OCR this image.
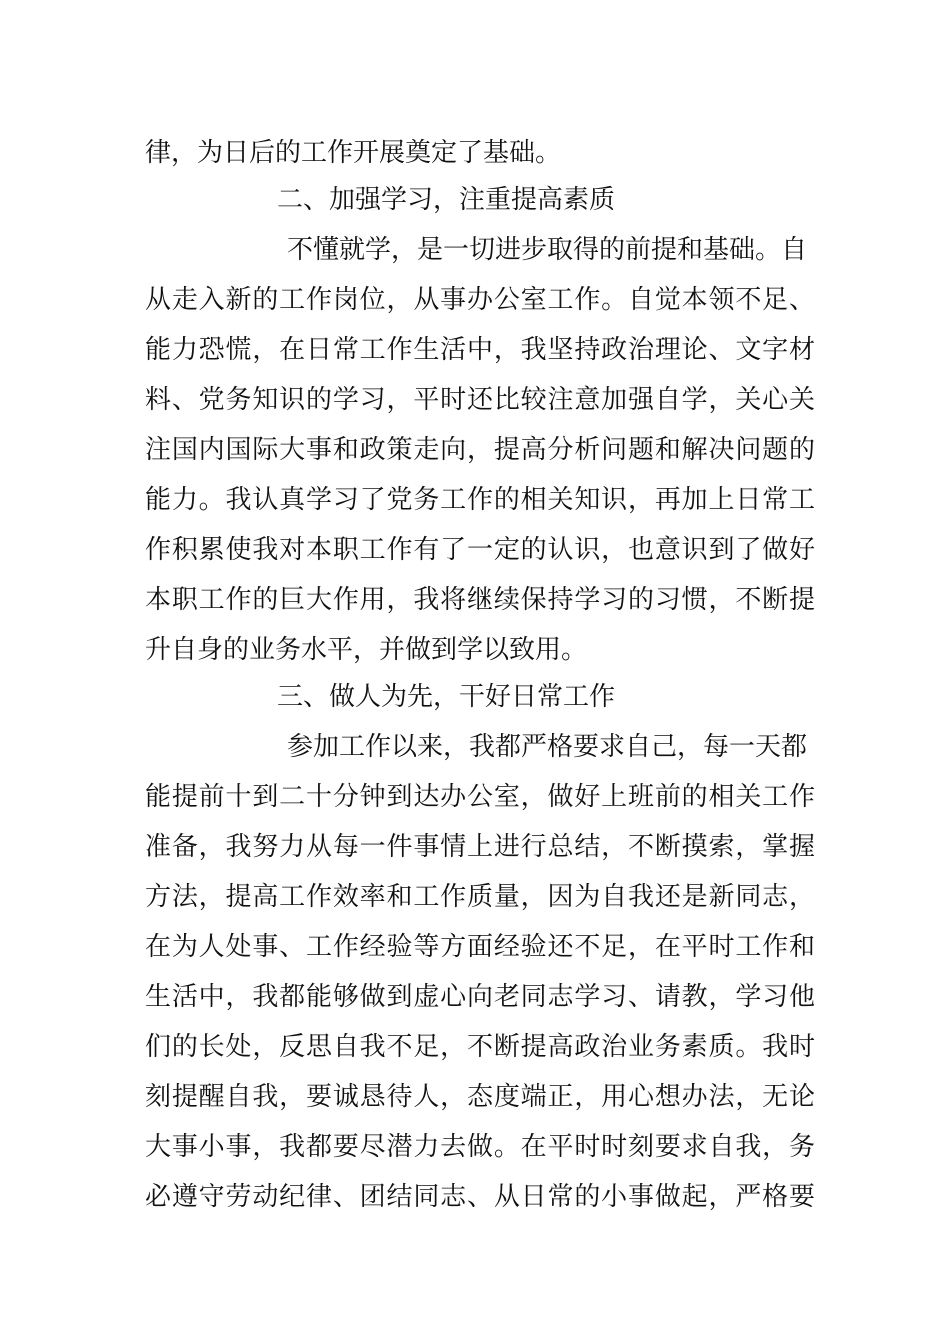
律，为日后的工作开展奠定了基础。
二、加强学习，注重提高素质
不懂就学，是一切进步取得的前提和基础。自
从走入新的工作岗位，从事办公室工作。自觉本领不足、
能力恐慌，在日常工作生活中，我坚持政治理论、文字材
料、党务知识的学习，平时还比较注意加强自学，关心关
注国内国际大事和政策走向，提高分析问题和解决问题的
能力。我认真学习了党务工作的相关知识，再加上日常工
作积累使我对本职工作有了一定的认识，也意识到了做好
本职工作的巨大作用，我将继续保持学习的习惯，不断提
升自身的业务水平，并做到学以致用。
三、做人为先，干好日常工作
参加工作以来，我都严格要求自己，每一天都
能提前十到二十分钟到达办公室，做好上班前的相关工作
准备，我努力从每一件事情上进行总结，不断摸索，掌握
方法，提高工作效率和工作质量，因为自我还是新同志，
在为人处事、工作经验等方面经验还不足，在平时工作和
生活中，我都能够做到虚心向老同志学习、请教，学习他
们的长处，反思自我不足，不断提高政治业务素质。我时
刻提醒自我，要诚恳待人，态度端正，用心想办法，无论
大事小事，我都要尽潜力去做。在平时时刻要求自我，务
必遵守劳动纪律、团结同志、从日常的小事做起，严格要
